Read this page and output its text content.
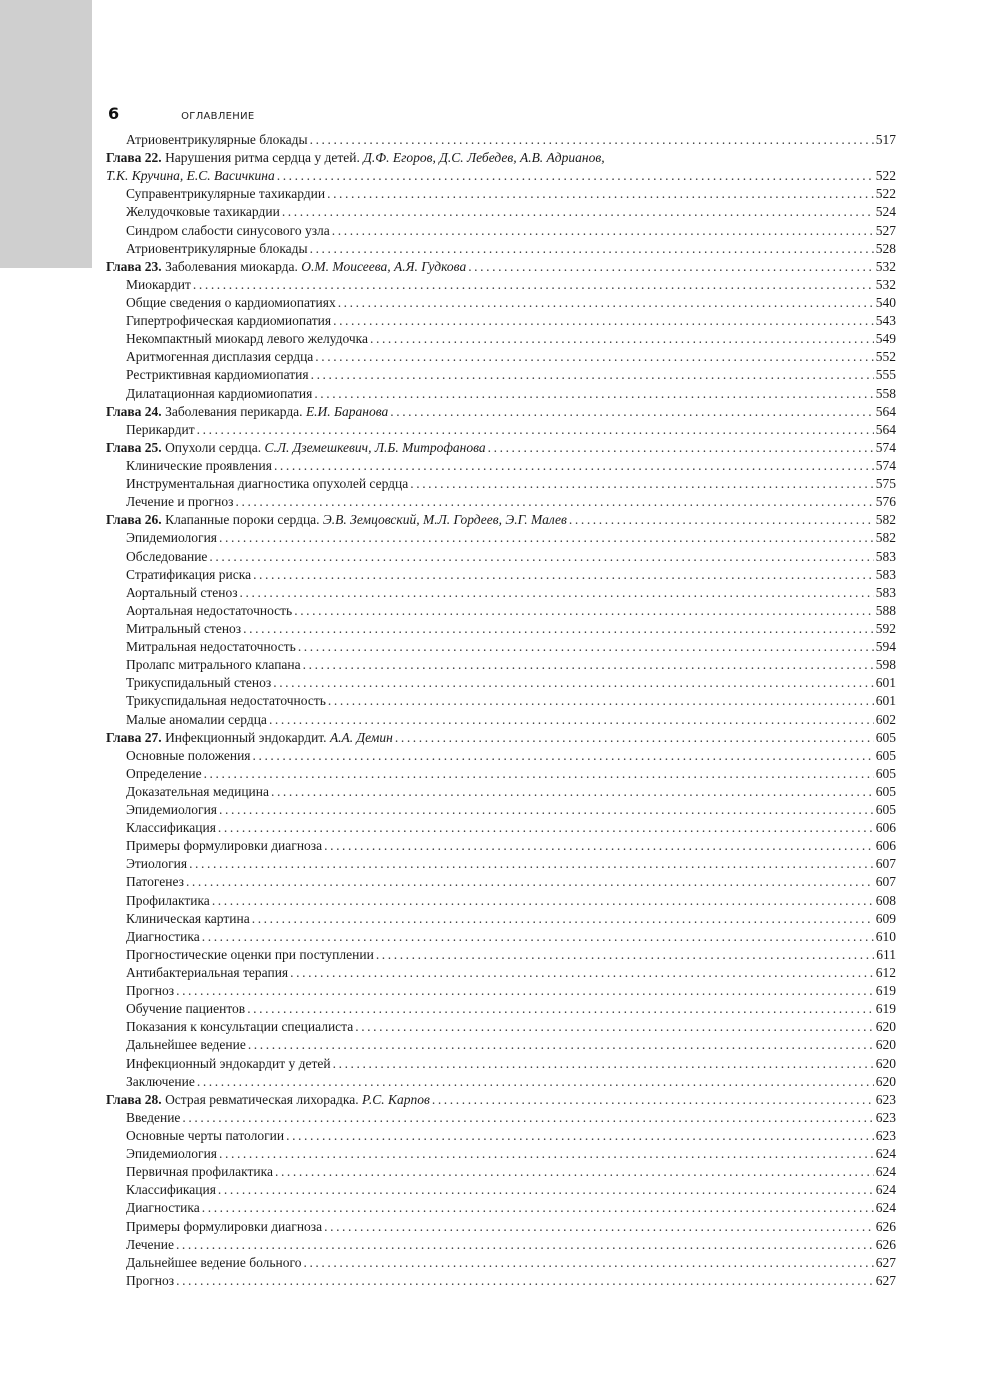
6	ОГЛАВЛЕНИЕ
Атриовентрикулярные блокады .....	517
Глава 22. Нарушения ритма сердца у детей. Д.Ф. Егоров, Д.С. Лебедев, А.В. Адрианов,
Т.К. Кручина, Е.С. Васичкина .....	522
Суправентрикулярные тахикардии .....	522
Желудочковые тахикардии .....	524
Синдром слабости синусового узла .....	527
Атриовентрикулярные блокады .....	528
Глава 23. Заболевания миокарда. О.М. Моисеева, А.Я. Гудкова .....	532
Миокардит .....	532
Общие сведения о кардиомиопатиях .....	540
Гипертрофическая кардиомиопатия .....	543
Некомпактный миокард левого желудочка .....	549
Аритмогенная дисплазия сердца .....	552
Рестриктивная кардиомиопатия .....	555
Дилатационная кардиомиопатия .....	558
Глава 24. Заболевания перикарда. Е.И. Баранова .....	564
Перикардит .....	564
Глава 25. Опухоли сердца. С.Л. Дземешкевич, Л.Б. Митрофанова .....	574
Клинические проявления .....	574
Инструментальная диагностика опухолей сердца .....	575
Лечение и прогноз .....	576
Глава 26. Клапанные пороки сердца. Э.В. Земцовский, М.Л. Гордеев, Э.Г. Малев .....	582
Эпидемиология .....	582
Обследование .....	583
Стратификация риска .....	583
Аортальный стеноз .....	583
Аортальная недостаточность .....	588
Митральный стеноз .....	592
Митральная недостаточность .....	594
Пролапс митрального клапана .....	598
Трикуспидальный стеноз .....	601
Трикуспидальная недостаточность .....	601
Малые аномалии сердца .....	602
Глава 27. Инфекционный эндокардит. А.А. Демин .....	605
Основные положения .....	605
Определение .....	605
Доказательная медицина .....	605
Эпидемиология .....	605
Классификация .....	606
Примеры формулировки диагноза .....	606
Этиология .....	607
Патогенез .....	607
Профилактика .....	608
Клиническая картина .....	609
Диагностика .....	610
Прогностические оценки при поступлении .....	611
Антибактериальная терапия .....	612
Прогноз .....	619
Обучение пациентов .....	619
Показания к консультации специалиста .....	620
Дальнейшее ведение .....	620
Инфекционный эндокардит у детей .....	620
Заключение .....	620
Глава 28. Острая ревматическая лихорадка. Р.С. Карпов .....	623
Введение .....	623
Основные черты патологии .....	623
Эпидемиология .....	624
Первичная профилактика .....	624
Классификация .....	624
Диагностика .....	624
Примеры формулировки диагноза .....	626
Лечение .....	626
Дальнейшее ведение больного .....	627
Прогноз .....	627
